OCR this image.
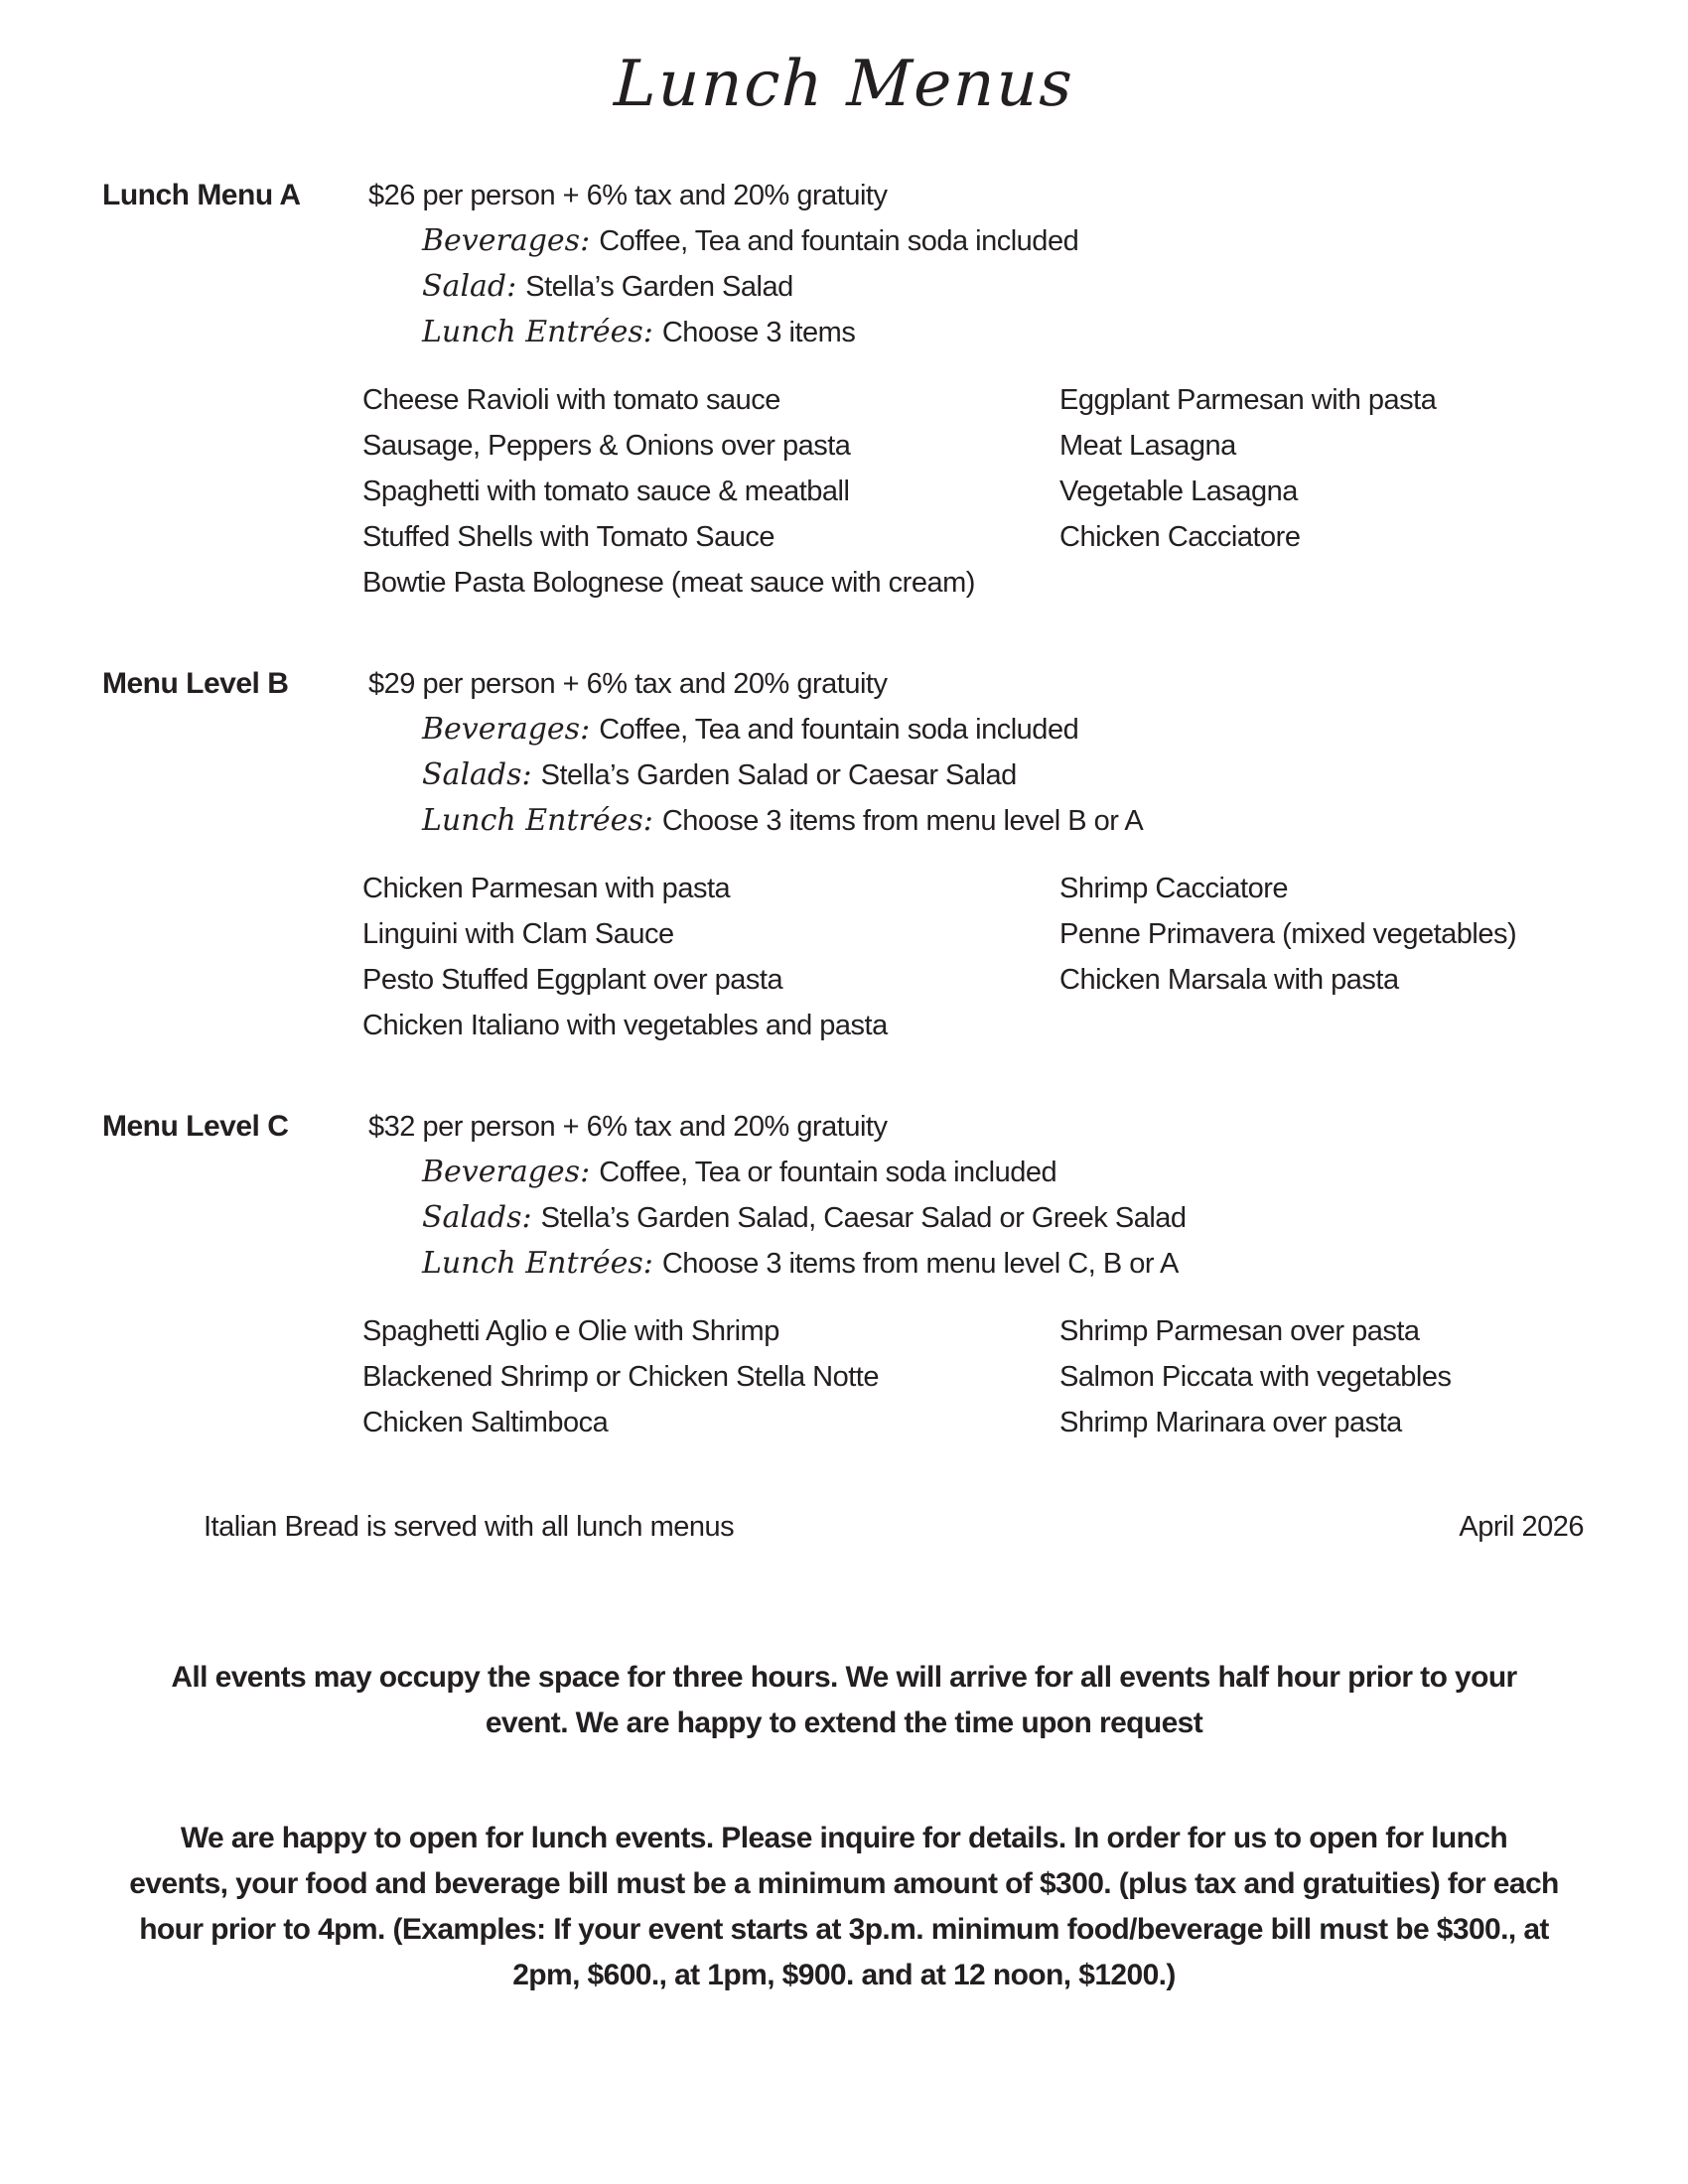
Lunch Menus
Lunch Menu A	$26 per person + 6% tax and 20% gratuity
Beverages: Coffee, Tea and fountain soda included
Salad: Stella’s Garden Salad
Lunch Entrées: Choose 3 items
Cheese Ravioli with tomato sauce
Sausage, Peppers & Onions over pasta
Spaghetti with tomato sauce & meatball
Stuffed Shells with Tomato Sauce
Bowtie Pasta Bolognese (meat sauce with cream)
Eggplant Parmesan with pasta
Meat Lasagna
Vegetable Lasagna
Chicken Cacciatore
Menu Level B	$29 per person + 6% tax and 20% gratuity
Beverages: Coffee, Tea and fountain soda included
Salads: Stella’s Garden Salad or Caesar Salad
Lunch Entrées: Choose 3 items from menu level B or A
Chicken Parmesan with pasta
Linguini with Clam Sauce
Pesto Stuffed Eggplant over pasta
Chicken Italiano with vegetables and pasta
Shrimp Cacciatore
Penne Primavera (mixed vegetables)
Chicken Marsala with pasta
Menu Level C	$32 per person + 6% tax and 20% gratuity
Beverages: Coffee, Tea or fountain soda included
Salads: Stella’s Garden Salad, Caesar Salad or Greek Salad
Lunch Entrées: Choose 3 items from menu level C, B or A
Spaghetti Aglio e Olie with Shrimp
Blackened Shrimp or Chicken Stella Notte
Chicken Saltimboca
Shrimp Parmesan over pasta
Salmon Piccata with vegetables
Shrimp Marinara over pasta
Italian Bread is served with all lunch menus	April 2026

All events may occupy the space for three hours. We will arrive for all events half hour prior to your event. We are happy to extend the time upon request

We are happy to open for lunch events. Please inquire for details. In order for us to open for lunch events, your food and beverage bill must be a minimum amount of $300. (plus tax and gratuities) for each hour prior to 4pm. (Examples: If your event starts at 3p.m. minimum food/beverage bill must be $300., at 2pm, $600., at 1pm, $900. and at 12 noon, $1200.)
